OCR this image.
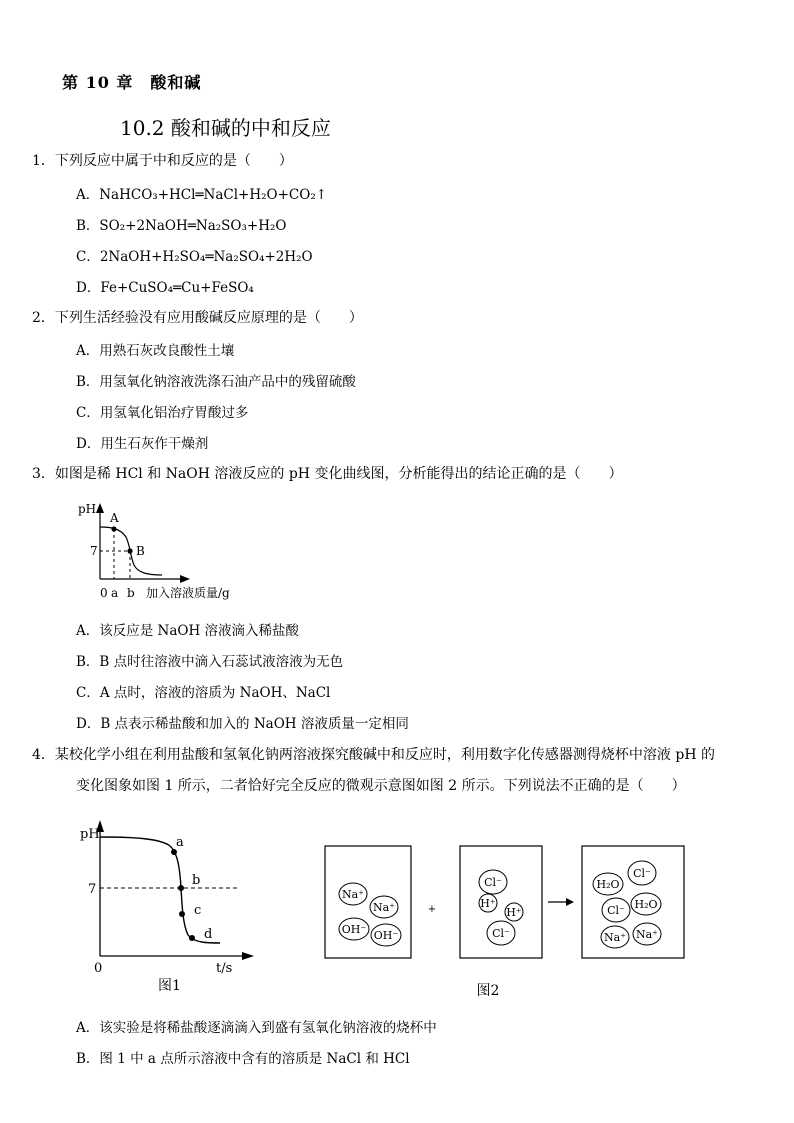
第 10 章　酸和碱
10.2 酸和碱的中和反应
1．下列反应中属于中和反应的是（　　）
A．NaHCO₃+HCl═NaCl+H₂O+CO₂↑
B．SO₂+2NaOH═Na₂SO₃+H₂O
C．2NaOH+H₂SO₄═Na₂SO₄+2H₂O
D．Fe+CuSO₄═Cu+FeSO₄
2．下列生活经验没有应用酸碱反应原理的是（　　）
A．用熟石灰改良酸性土壤
B．用氢氧化钠溶液洗涤石油产品中的残留硫酸
C．用氢氧化铝治疗胃酸过多
D．用生石灰作干燥剂
3．如图是稀 HCl 和 NaOH 溶液反应的 pH 变化曲线图，分析能得出的结论正确的是（　　）
pH
A
B
7
0 a b 加入溶液质量/g
A．该反应是 NaOH 溶液滴入稀盐酸
B．B 点时往溶液中滴入石蕊试液溶液为无色
C．A 点时，溶液的溶质为 NaOH、NaCl
D．B 点表示稀盐酸和加入的 NaOH 溶液质量一定相同
4．某校化学小组在利用盐酸和氢氧化钠两溶液探究酸碱中和反应时，利用数字化传感器测得烧杯中溶液 pH 的
变化图象如图 1 所示，二者恰好完全反应的微观示意图如图 2 所示。下列说法不正确的是（　　）
pH
7
0	t/s
a
b
c
d
图1
Na⁺
Na⁺
OH⁻ OH⁻
+
Cl⁻
H⁺
H⁺
Cl⁻
H₂O
Cl⁻
Cl⁻ H₂O
Na⁺ Na⁺
图2
A．该实验是将稀盐酸逐滴滴入到盛有氢氧化钠溶液的烧杯中
B．图 1 中 a 点所示溶液中含有的溶质是 NaCl 和 HCl
